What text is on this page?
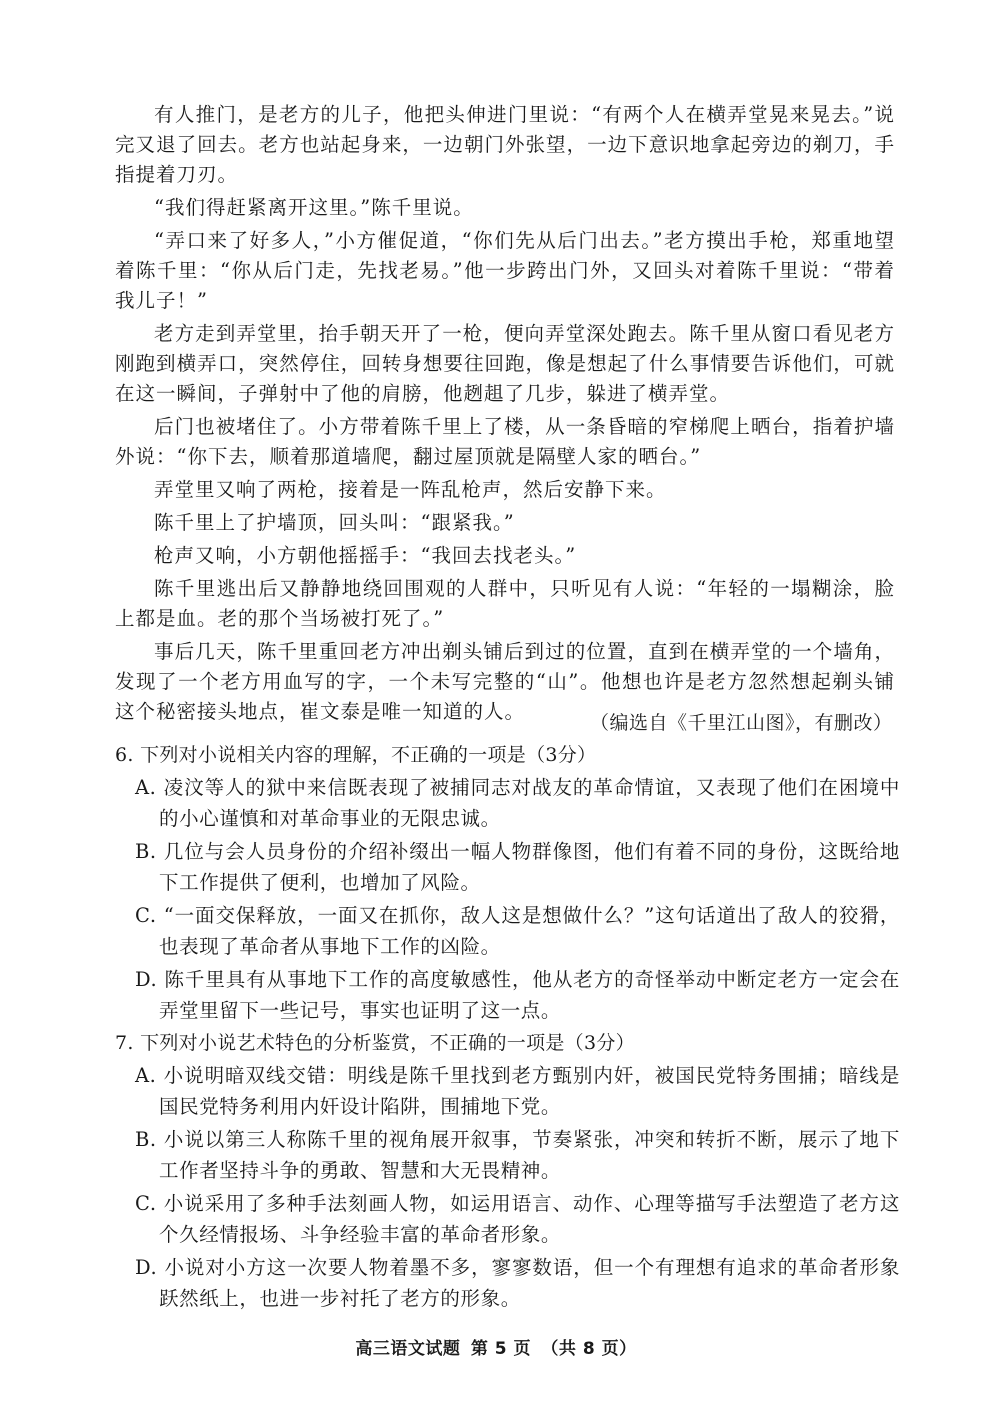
有人推门，是老方的儿子，他把头伸进门里说：“有两个人在横弄堂晃来晃去。”说完又退了回去。老方也站起身来，一边朝门外张望，一边下意识地拿起旁边的剃刀，手指提着刀刃。

“我们得赶紧离开这里。”陈千里说。

“弄口来了好多人，”小方催促道，“你们先从后门出去。”老方摸出手枪，郑重地望着陈千里：“你从后门走，先找老易。”他一步跨出门外，又回头对着陈千里说：“带着我儿子！”

老方走到弄堂里，抬手朝天开了一枪，便向弄堂深处跑去。陈千里从窗口看见老方刚跑到横弄口，突然停住，回转身想要往回跑，像是想起了什么事情要告诉他们，可就在这一瞬间，子弹射中了他的肩膀，他趔趄了几步，躲进了横弄堂。

后门也被堵住了。小方带着陈千里上了楼，从一条昏暗的窄梯爬上晒台，指着护墙外说：“你下去，顺着那道墙爬，翻过屋顶就是隔壁人家的晒台。”

弄堂里又响了两枪，接着是一阵乱枪声，然后安静下来。

陈千里上了护墙顶，回头叫：“跟紧我。”

枪声又响，小方朝他摇摇手：“我回去找老头。”

陈千里逃出后又静静地绕回围观的人群中，只听见有人说：“年轻的一塌糊涂，脸上都是血。老的那个当场被打死了。”

事后几天，陈千里重回老方冲出剃头铺后到过的位置，直到在横弄堂的一个墙角，发现了一个老方用血写的字，一个未写完整的“山”。他想也许是老方忽然想起剃头铺这个秘密接头地点，崔文泰是唯一知道的人。	（编选自《千里江山图》，有删改）

6. 下列对小说相关内容的理解，不正确的一项是（3分）

A. 凌汶等人的狱中来信既表现了被捕同志对战友的革命情谊，又表现了他们在困境中的小心谨慎和对革命事业的无限忠诚。

B. 几位与会人员身份的介绍补缀出一幅人物群像图，他们有着不同的身份，这既给地下工作提供了便利，也增加了风险。

C. “一面交保释放，一面又在抓你，敌人这是想做什么？”这句话道出了敌人的狡猾，也表现了革命者从事地下工作的凶险。

D. 陈千里具有从事地下工作的高度敏感性，他从老方的奇怪举动中断定老方一定会在弄堂里留下一些记号，事实也证明了这一点。

7. 下列对小说艺术特色的分析鉴赏，不正确的一项是（3分）

A. 小说明暗双线交错：明线是陈千里找到老方甄别内奸，被国民党特务围捕；暗线是国民党特务利用内奸设计陷阱，围捕地下党。

B. 小说以第三人称陈千里的视角展开叙事，节奏紧张，冲突和转折不断，展示了地下工作者坚持斗争的勇敢、智慧和大无畏精神。

C. 小说采用了多种手法刻画人物，如运用语言、动作、心理等描写手法塑造了老方这个久经情报场、斗争经验丰富的革命者形象。

D. 小说对小方这一次要人物着墨不多，寥寥数语，但一个有理想有追求的革命者形象跃然纸上，也进一步衬托了老方的形象。

高三语文试题 第 5 页 （共 8 页）
